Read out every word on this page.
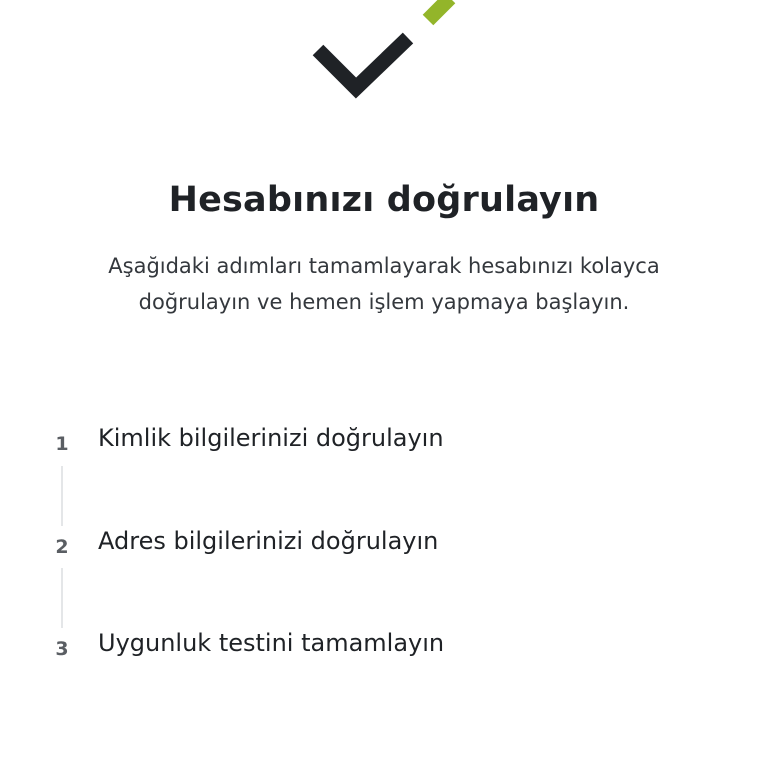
Hesabınızı doğrulayın

Aşağıdaki adımları tamamlayarak hesabınızı kolayca
doğrulayın ve hemen işlem yapmaya başlayın.

1 Kimlik bilgilerinizi doğrulayın
2 Adres bilgilerinizi doğrulayın
3 Uygunluk testini tamamlayın
